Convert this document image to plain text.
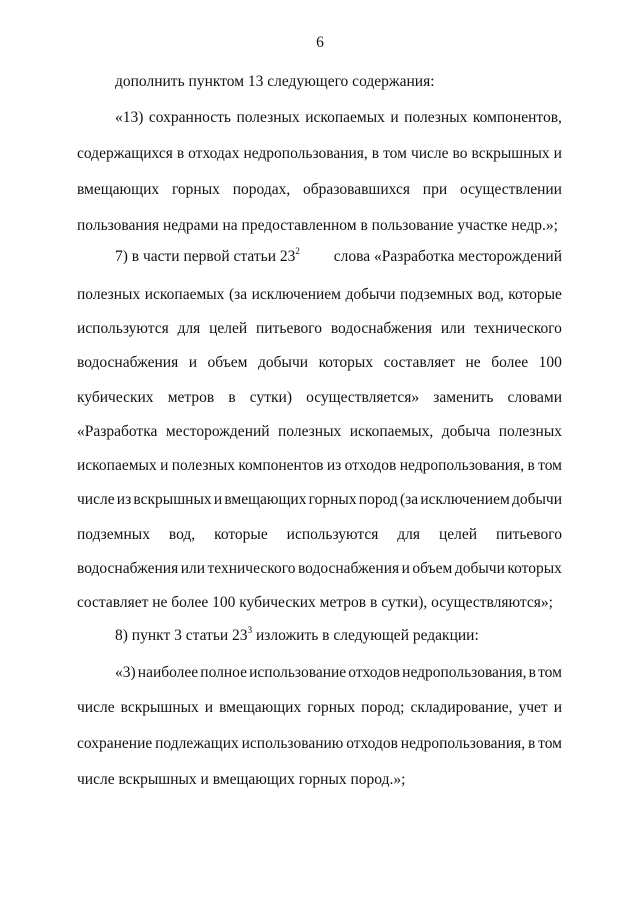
6
дополнить пунктом 13 следующего содержания:
«13) сохранность полезных ископаемых и полезных компонентов,
содержащихся в отходах недропользования, в том числе во вскрышных и
вмещающих горных породах, образовавшихся при осуществлении
пользования недрами на предоставленном в пользование участке недр.»;
7) в части первой статьи $23^2$ слова «Разработка месторождений
полезных ископаемых (за исключением добычи подземных вод, которые
используются для целей питьевого водоснабжения или технического
водоснабжения и объем добычи которых составляет не более 100
кубических метров в сутки) осуществляется» заменить словами
«Разработка месторождений полезных ископаемых, добыча полезных
ископаемых и полезных компонентов из отходов недропользования, в том
числе из вскрышных и вмещающих горных пород (за исключением добычи
подземных вод, которые используются для целей питьевого
водоснабжения или технического водоснабжения и объем добычи которых
составляет не более 100 кубических метров в сутки), осуществляются»;
8) пункт 3 статьи $23^3$ изложить в следующей редакции:
«3) наиболее полное использование отходов недропользования, в том
числе вскрышных и вмещающих горных пород; складирование, учет и
сохранение подлежащих использованию отходов недропользования, в том
числе вскрышных и вмещающих горных пород.»;
